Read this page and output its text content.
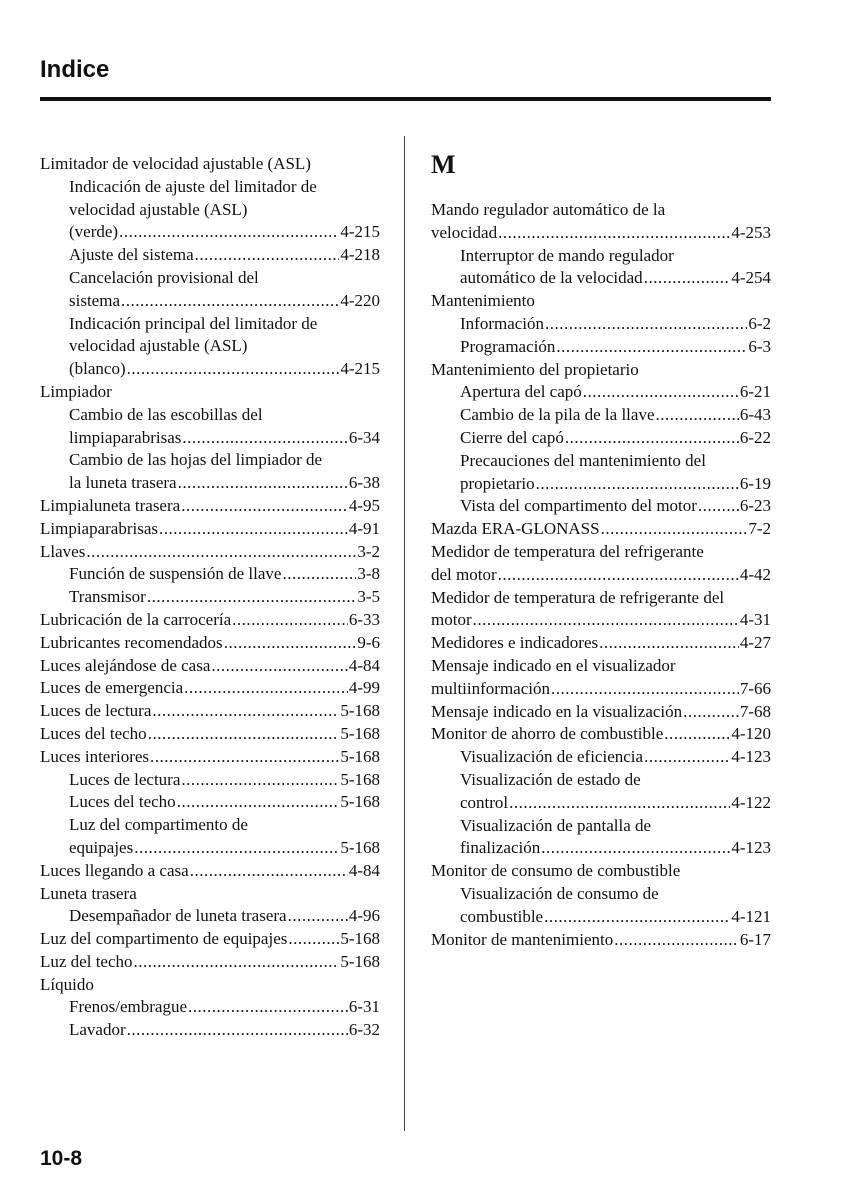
Indice
Limitador de velocidad ajustable (ASL)
Indicación de ajuste del limitador de
velocidad ajustable (ASL)
(verde) .....	4-215
Ajuste del sistema .....	4-218
Cancelación provisional del
sistema .....	4-220
Indicación principal del limitador de
velocidad ajustable (ASL)
(blanco) .....	4-215
Limpiador
Cambio de las escobillas del
limpiaparabrisas .....	6-34
Cambio de las hojas del limpiador de
la luneta trasera .....	6-38
Limpialuneta trasera .....	4-95
Limpiaparabrisas .....	4-91
Llaves .....	3-2
Función de suspensión de llave .....	3-8
Transmisor .....	3-5
Lubricación de la carrocería .....	6-33
Lubricantes recomendados .....	9-6
Luces alejándose de casa .....	4-84
Luces de emergencia .....	4-99
Luces de lectura .....	5-168
Luces del techo .....	5-168
Luces interiores .....	5-168
Luces de lectura .....	5-168
Luces del techo .....	5-168
Luz del compartimento de
equipajes .....	5-168
Luces llegando a casa .....	4-84
Luneta trasera
Desempañador de luneta trasera .....	4-96
Luz del compartimento de equipajes .....	5-168
Luz del techo .....	5-168
Líquido
Frenos/embrague .....	6-31
Lavador .....	6-32
M
Mando regulador automático de la
velocidad .....	4-253
Interruptor de mando regulador
automático de la velocidad .....	4-254
Mantenimiento
Información .....	6-2
Programación .....	6-3
Mantenimiento del propietario
Apertura del capó .....	6-21
Cambio de la pila de la llave .....	6-43
Cierre del capó .....	6-22
Precauciones del mantenimiento del
propietario .....	6-19
Vista del compartimento del motor .....	6-23
Mazda ERA-GLONASS .....	7-2
Medidor de temperatura del refrigerante
del motor .....	4-42
Medidor de temperatura de refrigerante del
motor .....	4-31
Medidores e indicadores .....	4-27
Mensaje indicado en el visualizador
multiinformación .....	7-66
Mensaje indicado en la visualización .....	7-68
Monitor de ahorro de combustible .....	4-120
Visualización de eficiencia .....	4-123
Visualización de estado de
control .....	4-122
Visualización de pantalla de
finalización .....	4-123
Monitor de consumo de combustible
Visualización de consumo de
combustible .....	4-121
Monitor de mantenimiento .....	6-17
10-8
